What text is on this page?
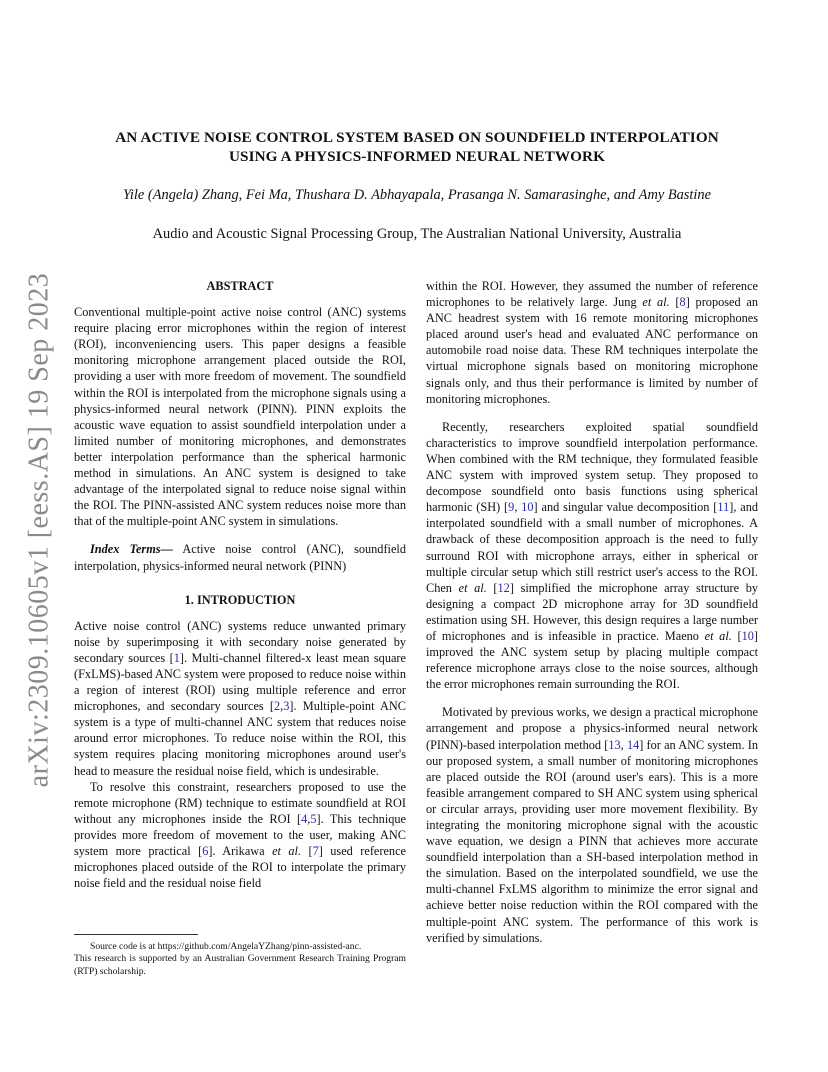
arXiv:2309.10605v1 [eess.AS] 19 Sep 2023
AN ACTIVE NOISE CONTROL SYSTEM BASED ON SOUNDFIELD INTERPOLATION
USING A PHYSICS-INFORMED NEURAL NETWORK
Yile (Angela) Zhang, Fei Ma, Thushara D. Abhayapala, Prasanga N. Samarasinghe, and Amy Bastine
Audio and Acoustic Signal Processing Group, The Australian National University, Australia
ABSTRACT

Conventional multiple-point active noise control (ANC) systems require placing error microphones within the region of interest (ROI), inconveniencing users. This paper designs a feasible monitoring microphone arrangement placed outside the ROI, providing a user with more freedom of movement. The soundfield within the ROI is interpolated from the microphone signals using a physics-informed neural network (PINN). PINN exploits the acoustic wave equation to assist soundfield interpolation under a limited number of monitoring microphones, and demonstrates better interpolation performance than the spherical harmonic method in simulations. An ANC system is designed to take advantage of the interpolated signal to reduce noise signal within the ROI. The PINN-assisted ANC system reduces noise more than that of the multiple-point ANC system in simulations.

Index Terms— Active noise control (ANC), soundfield interpolation, physics-informed neural network (PINN)

1. INTRODUCTION

Active noise control (ANC) systems reduce unwanted primary noise by superimposing it with secondary noise generated by secondary sources [1]. Multi-channel filtered-x least mean square (FxLMS)-based ANC system were proposed to reduce noise within a region of interest (ROI) using multiple reference and error microphones, and secondary sources [2,3]. Multiple-point ANC system is a type of multi-channel ANC system that reduces noise around error microphones. To reduce noise within the ROI, this system requires placing monitoring microphones around user's head to measure the residual noise field, which is undesirable.

To resolve this constraint, researchers proposed to use the remote microphone (RM) technique to estimate soundfield at ROI without any microphones inside the ROI [4,5]. This technique provides more freedom of movement to the user, making ANC system more practical [6]. Arikawa et al. [7] used reference microphones placed outside of the ROI to interpolate the primary noise field and the residual noise field

within the ROI. However, they assumed the number of reference microphones to be relatively large. Jung et al. [8] proposed an ANC headrest system with 16 remote monitoring microphones placed around user's head and evaluated ANC performance on automobile road noise data. These RM techniques interpolate the virtual microphone signals based on monitoring microphone signals only, and thus their performance is limited by number of monitoring microphones.

Recently, researchers exploited spatial soundfield characteristics to improve soundfield interpolation performance. When combined with the RM technique, they formulated feasible ANC system with improved system setup. They proposed to decompose soundfield onto basis functions using spherical harmonic (SH) [9, 10] and singular value decomposition [11], and interpolated soundfield with a small number of microphones. A drawback of these decomposition approach is the need to fully surround ROI with microphone arrays, either in spherical or multiple circular setup which still restrict user's access to the ROI. Chen et al. [12] simplified the microphone array structure by designing a compact 2D microphone array for 3D soundfield estimation using SH. However, this design requires a large number of microphones and is infeasible in practice. Maeno et al. [10] improved the ANC system setup by placing multiple compact reference microphone arrays close to the noise sources, although the error microphones remain surrounding the ROI.

Motivated by previous works, we design a practical microphone arrangement and propose a physics-informed neural network (PINN)-based interpolation method [13, 14] for an ANC system. In our proposed system, a small number of monitoring microphones are placed outside the ROI (around user's ears). This is a more feasible arrangement compared to SH ANC system using spherical or circular arrays, providing user more movement flexibility. By integrating the monitoring microphone signal with the acoustic wave equation, we design a PINN that achieves more accurate soundfield interpolation than a SH-based interpolation method in the simulation. Based on the interpolated soundfield, we use the multi-channel FxLMS algorithm to minimize the error signal and achieve better noise reduction within the ROI compared with the multiple-point ANC system. The performance of this work is verified by simulations.

Source code is at https://github.com/AngelaYZhang/pinn-assisted-anc.

This research is supported by an Australian Government Research Training Program (RTP) scholarship.
